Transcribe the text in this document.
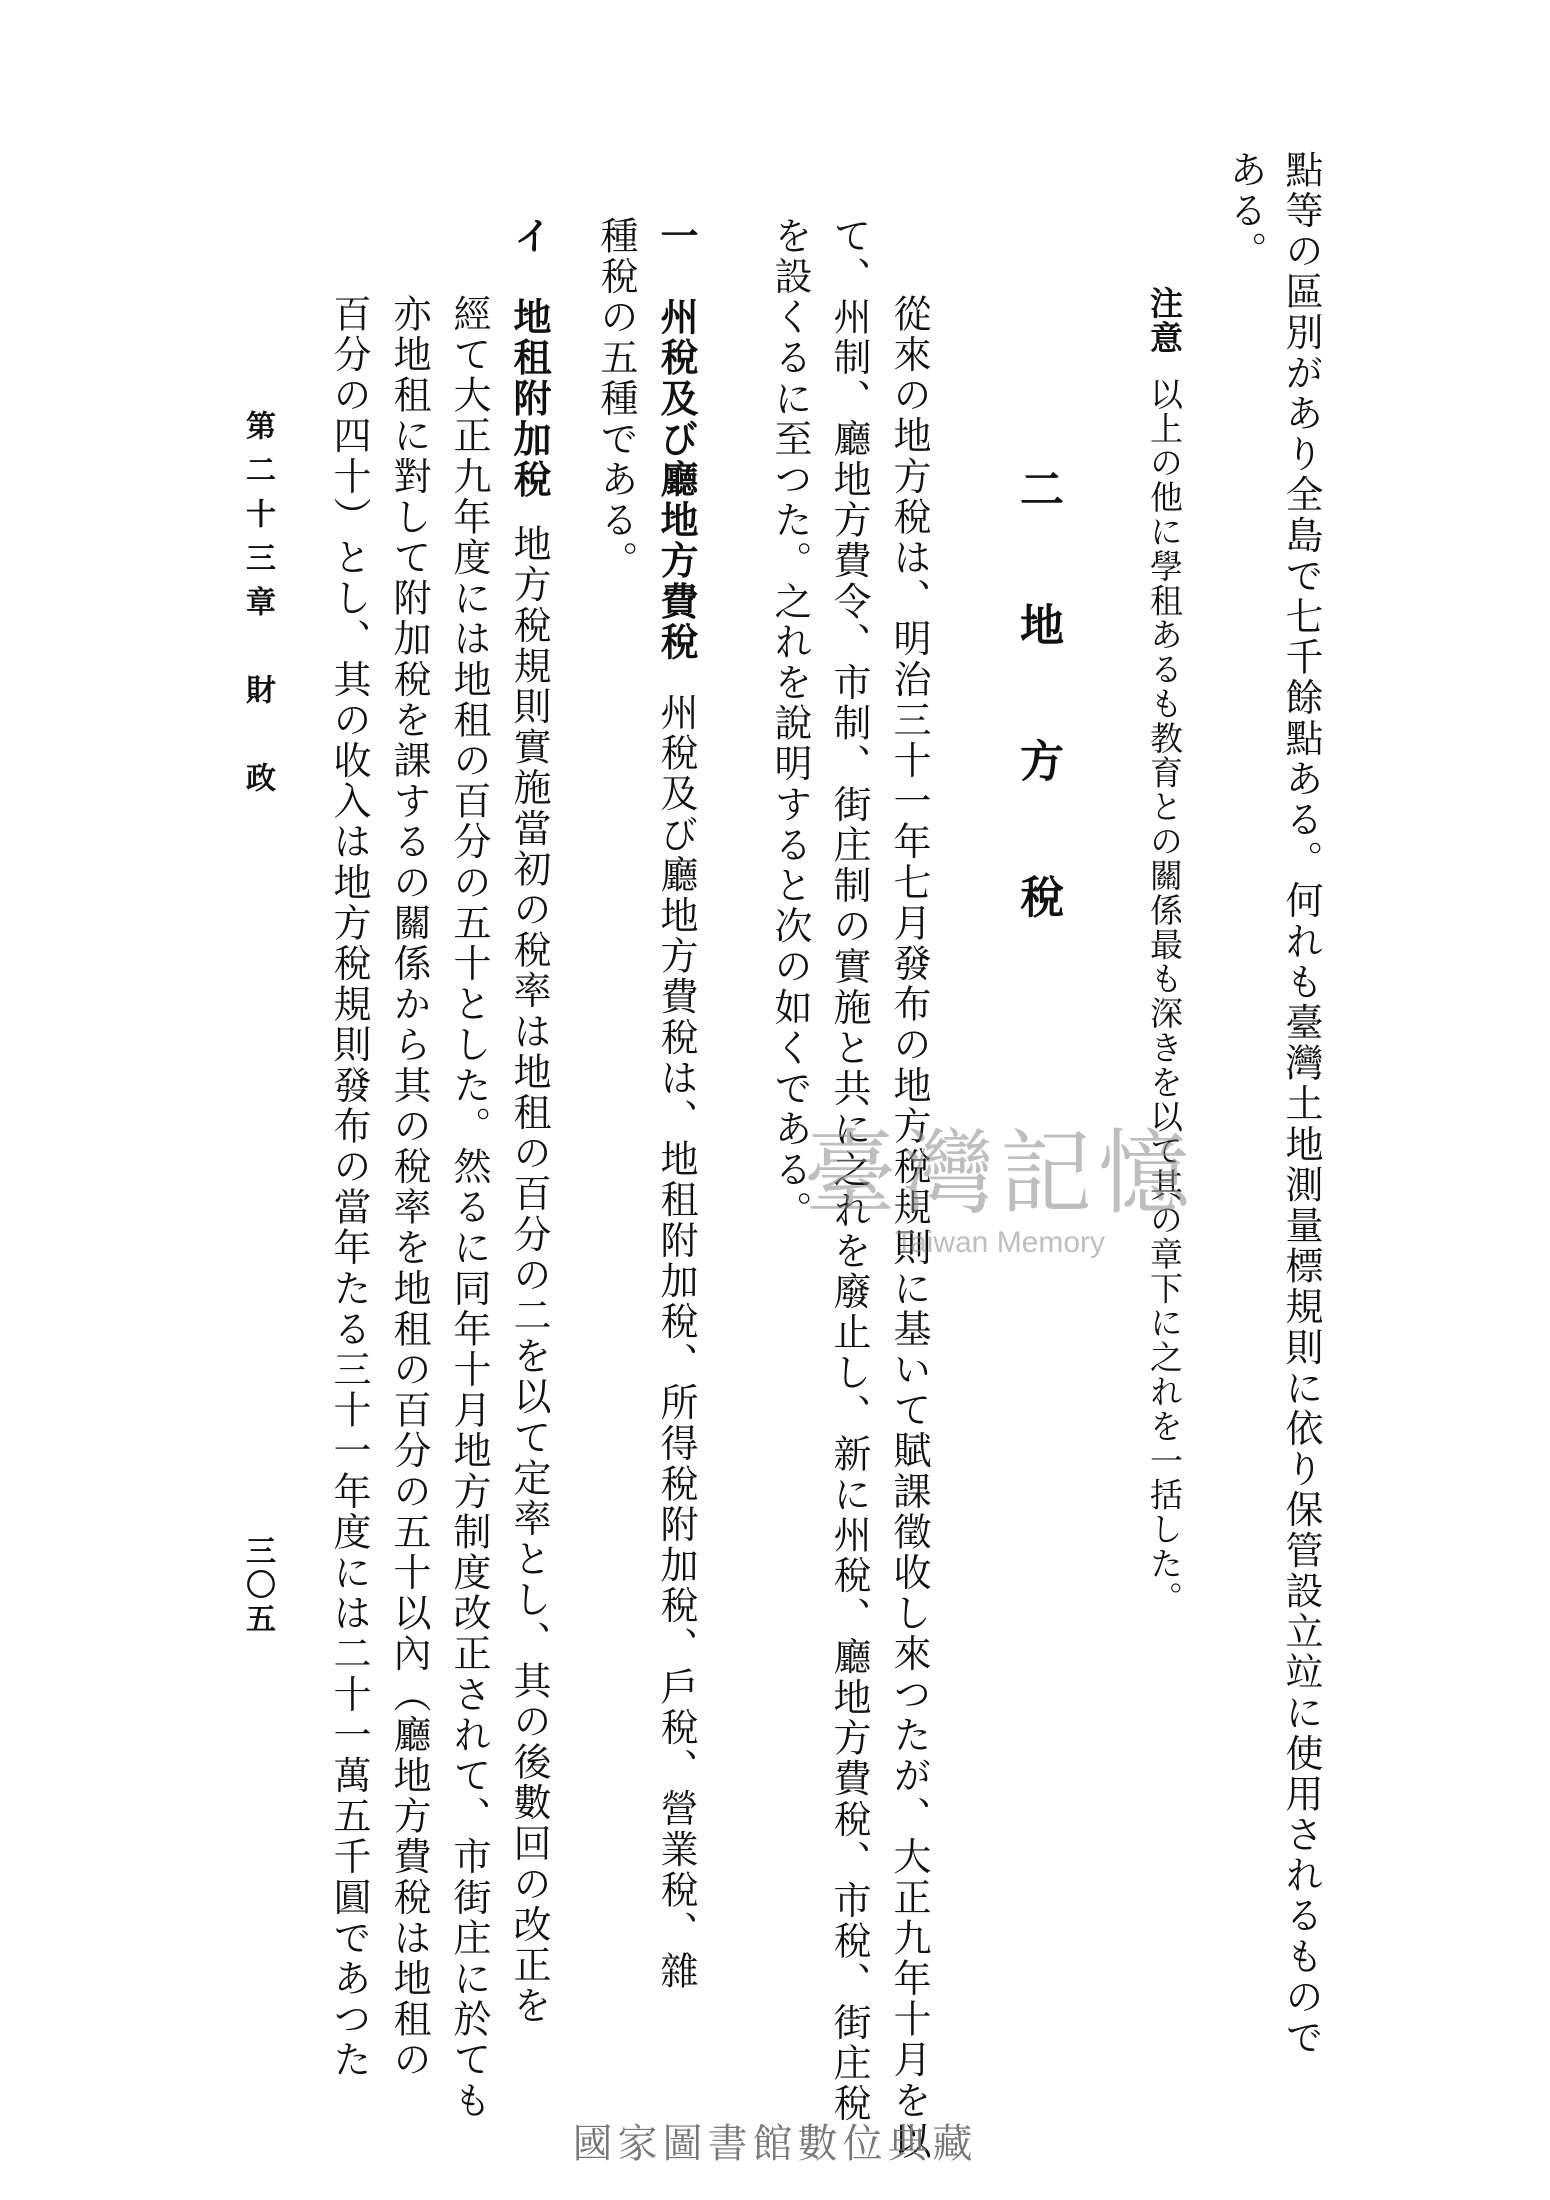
點等の區別があり全島で七千餘點ある。何れも臺灣土地測量標規則に依り保管設立竝に使用されるもので
ある。
注意以上の他に學租あるも教育との關係最も深きを以て其の章下に之れを一括した。
二　地　方　稅
從來の地方稅は、明治三十一年七月發布の地方稅規則に基いて賦課徵收し來つたが、大正九年十月を以
て、州制、廳地方費令、市制、街庄制の實施と共に之れを廢止し、新に州稅、廳地方費稅、市稅、街庄稅
を設くるに至つた。之れを說明すると次の如くである。
一　州稅及び廳地方費稅州稅及び廳地方費稅は、地租附加稅、所得稅附加稅、戶稅、營業稅、雜
種稅の五種である。
イ　地租附加稅地方稅規則實施當初の稅率は地租の百分の二を以て定率とし、其の後數回の改正を
經て大正九年度には地租の百分の五十とした。然るに同年十月地方制度改正されて、市街庄に於ても
亦地租に對して附加稅を課するの關係から其の稅率を地租の百分の五十以內（廳地方費稅は地租の
百分の四十）とし、其の收入は地方稅規則發布の當年たる三十一年度には二十一萬五千圓であつた
第二十三章　財　政
三〇五
臺灣記憶
Taiwan Memory
國家圖書館數位典藏
